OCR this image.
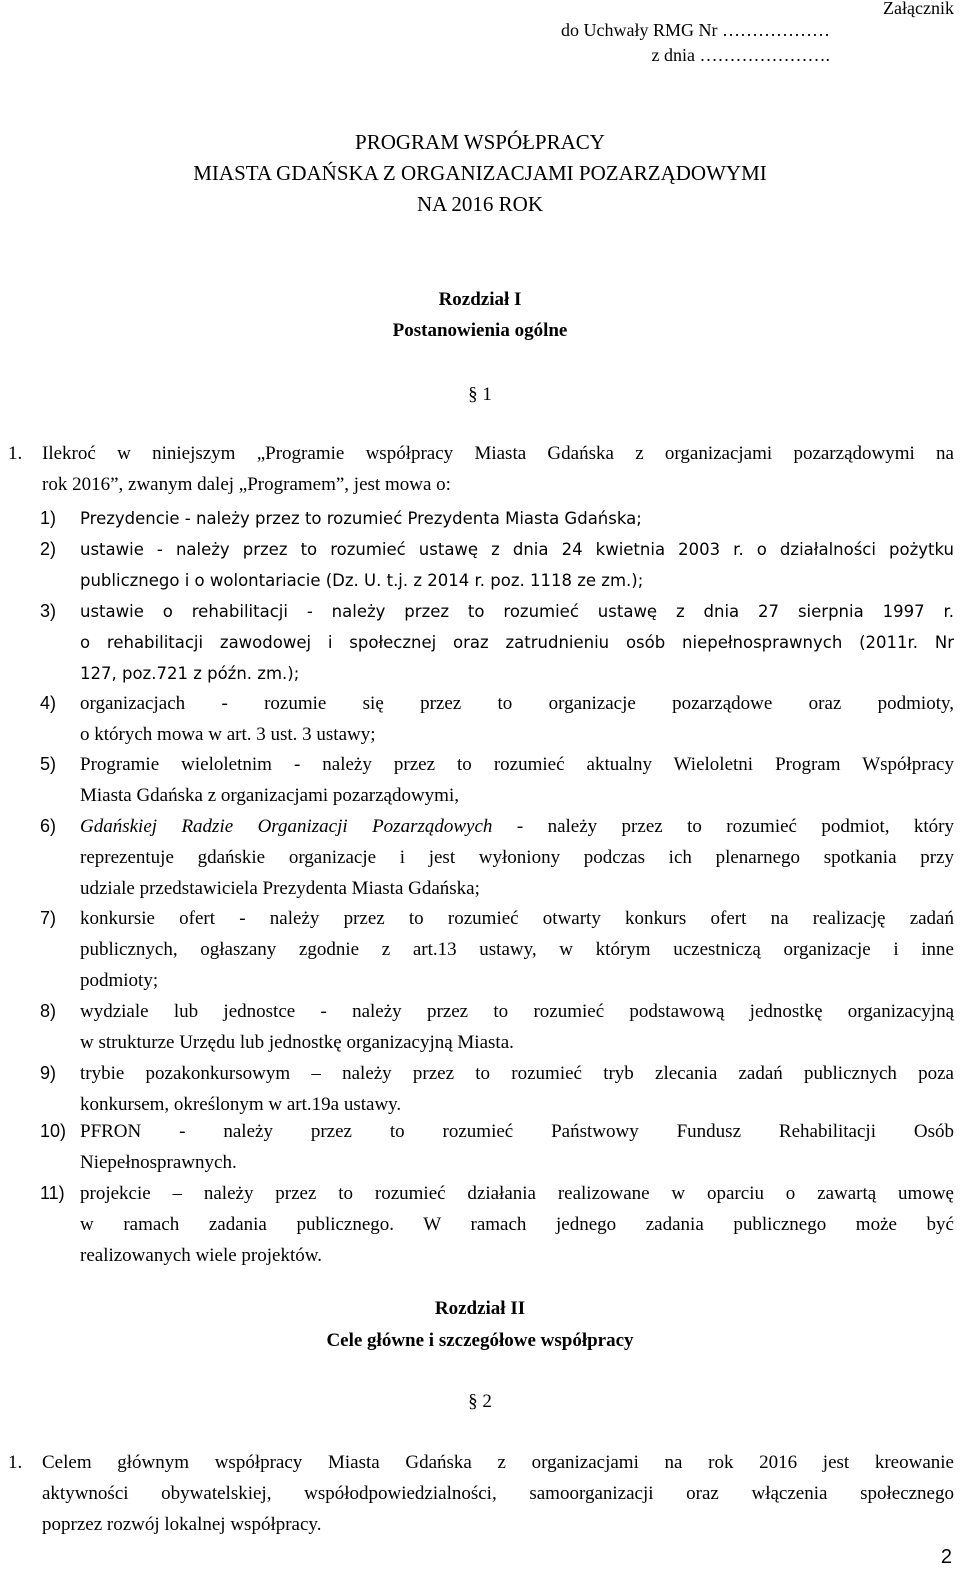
Załącznik
do Uchwały RMG Nr ………………
z dnia ………………….
PROGRAM WSPÓŁPRACY
MIASTA GDAŃSKA Z ORGANIZACJAMI POZARZĄDOWYMI
NA 2016 ROK
Rozdział I
Postanowienia ogólne
§ 1
1. Ilekroć w niniejszym „Programie współpracy Miasta Gdańska z organizacjami pozarządowymi na
rok 2016”, zwanym dalej „Programem”, jest mowa o:
1) Prezydencie - należy przez to rozumieć Prezydenta Miasta Gdańska;
2) ustawie - należy przez to rozumieć ustawę z dnia 24 kwietnia 2003 r. o działalności pożytku
publicznego i o wolontariacie (Dz. U. t.j. z 2014 r. poz. 1118 ze zm.);
3) ustawie o rehabilitacji - należy przez to rozumieć ustawę z dnia 27 sierpnia 1997 r.
o rehabilitacji zawodowej i społecznej oraz zatrudnieniu osób niepełnosprawnych (2011r. Nr
127, poz.721 z późn. zm.);
4) organizacjach - rozumie się przez to organizacje pozarządowe oraz podmioty,
o których mowa w art. 3 ust. 3 ustawy;
5) Programie wieloletnim - należy przez to rozumieć aktualny Wieloletni Program Współpracy
Miasta Gdańska z organizacjami pozarządowymi,
6) Gdańskiej Radzie Organizacji Pozarządowych - należy przez to rozumieć podmiot, który
reprezentuje gdańskie organizacje i jest wyłoniony podczas ich plenarnego spotkania przy
udziale przedstawiciela Prezydenta Miasta Gdańska;
7) konkursie ofert - należy przez to rozumieć otwarty konkurs ofert na realizację zadań
publicznych, ogłaszany zgodnie z art.13 ustawy, w którym uczestniczą organizacje i inne
podmioty;
8) wydziale lub jednostce - należy przez to rozumieć podstawową jednostkę organizacyjną
w strukturze Urzędu lub jednostkę organizacyjną Miasta.
9) trybie pozakonkursowym – należy przez to rozumieć tryb zlecania zadań publicznych poza
konkursem, określonym w art.19a ustawy.
10) PFRON - należy przez to rozumieć Państwowy Fundusz Rehabilitacji Osób
Niepełnosprawnych.
11) projekcie – należy przez to rozumieć działania realizowane w oparciu o zawartą umowę
w ramach zadania publicznego. W ramach jednego zadania publicznego może być
realizowanych wiele projektów.
Rozdział II
Cele główne i szczegółowe współpracy
§ 2
1. Celem głównym współpracy Miasta Gdańska z organizacjami na rok 2016 jest kreowanie
aktywności obywatelskiej, współodpowiedzialności, samoorganizacji oraz włączenia społecznego
poprzez rozwój lokalnej współpracy.
2
